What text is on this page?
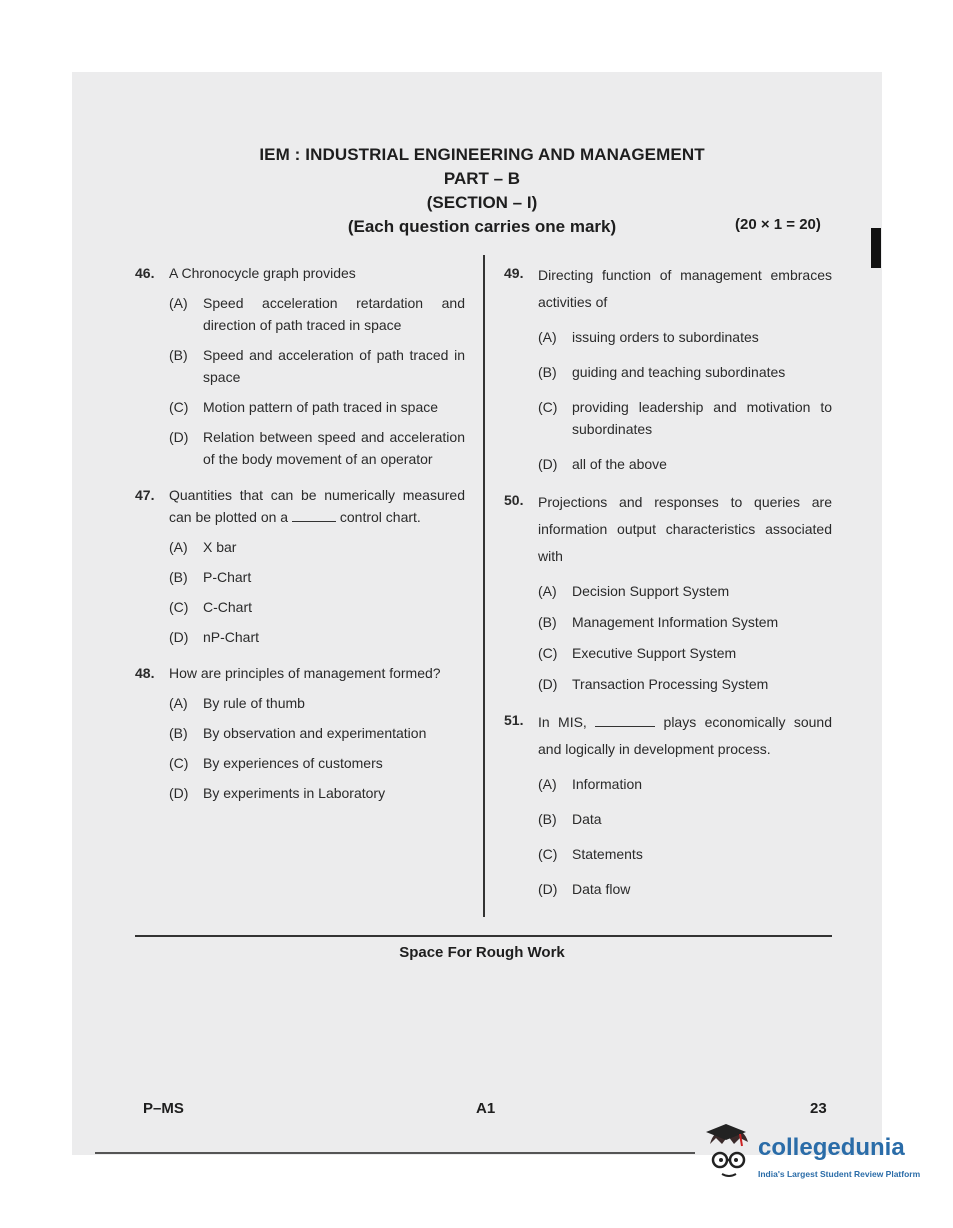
IEM : INDUSTRIAL ENGINEERING AND MANAGEMENT
PART – B
(SECTION – I)
(Each question carries one mark)	(20 × 1 = 20)
46.	A Chronocycle graph provides
(A)	Speed acceleration retardation and direction of path traced in space
(B)	Speed and acceleration of path traced in space
(C)	Motion pattern of path traced in space
(D)	Relation between speed and acceleration of the body movement of an operator
47.	Quantities that can be numerically measured can be plotted on a	control chart.
(A)	X bar
(B)	P-Chart
(C)	C-Chart
(D)	nP-Chart
48.	How are principles of management formed?
(A)	By rule of thumb
(B)	By observation and experimentation
(C)	By experiences of customers
(D)	By experiments in Laboratory
49.	Directing function of management embraces activities of
(A)	issuing orders to subordinates
(B)	guiding and teaching subordinates
(C)	providing leadership and motivation to subordinates
(D)	all of the above
50.	Projections and responses to queries are information output characteristics associated with
(A)	Decision Support System
(B)	Management Information System
(C)	Executive Support System
(D)	Transaction Processing System
51.	In MIS,	plays economically sound and logically in development process.
(A)	Information
(B)	Data
(C)	Statements
(D)	Data flow
Space For Rough Work
P–MS	A1	23
collegedunia
India's Largest Student Review Platform
